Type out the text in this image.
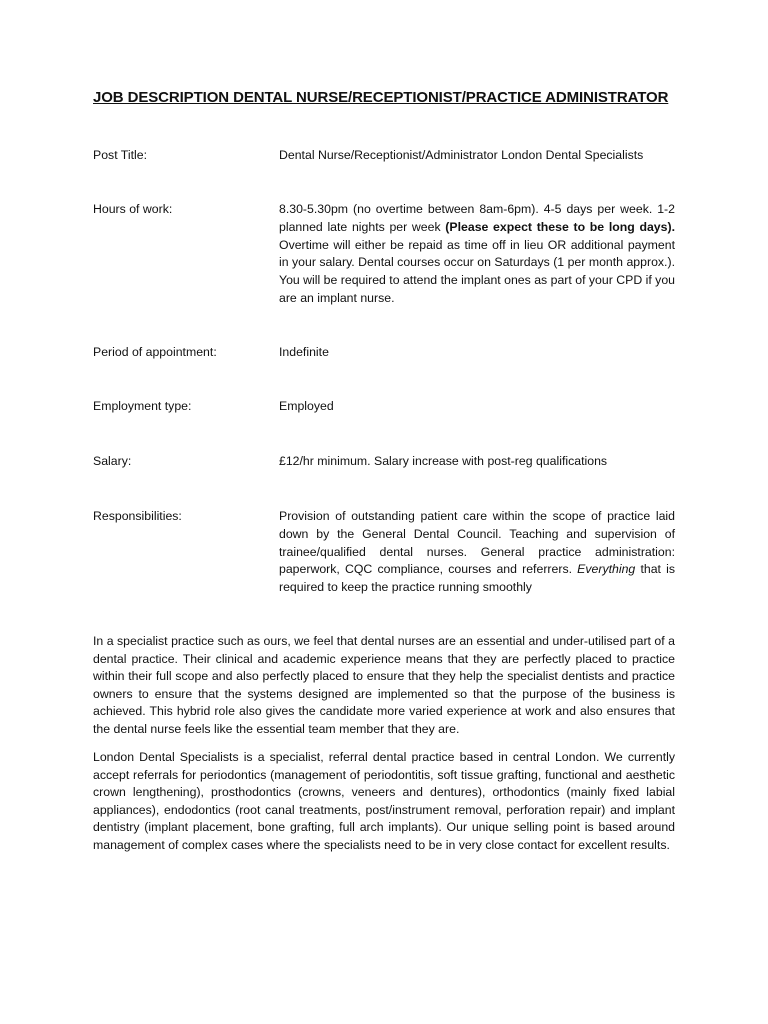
JOB DESCRIPTION DENTAL NURSE/RECEPTIONIST/PRACTICE ADMINISTRATOR
Post Title:	Dental Nurse/Receptionist/Administrator London Dental Specialists
Hours of work:	8.30-5.30pm (no overtime between 8am-6pm). 4-5 days per week. 1-2 planned late nights per week (Please expect these to be long days). Overtime will either be repaid as time off in lieu OR additional payment in your salary. Dental courses occur on Saturdays (1 per month approx.). You will be required to attend the implant ones as part of your CPD if you are an implant nurse.
Period of appointment:	Indefinite
Employment type:	Employed
Salary:	£12/hr minimum. Salary increase with post-reg qualifications
Responsibilities:	Provision of outstanding patient care within the scope of practice laid down by the General Dental Council. Teaching and supervision of trainee/qualified dental nurses. General practice administration: paperwork, CQC compliance, courses and referrers. Everything that is required to keep the practice running smoothly

In a specialist practice such as ours, we feel that dental nurses are an essential and under-utilised part of a dental practice. Their clinical and academic experience means that they are perfectly placed to practice within their full scope and also perfectly placed to ensure that they help the specialist dentists and practice owners to ensure that the systems designed are implemented so that the purpose of the business is achieved. This hybrid role also gives the candidate more varied experience at work and also ensures that the dental nurse feels like the essential team member that they are.

London Dental Specialists is a specialist, referral dental practice based in central London. We currently accept referrals for periodontics (management of periodontitis, soft tissue grafting, functional and aesthetic crown lengthening), prosthodontics (crowns, veneers and dentures), orthodontics (mainly fixed labial appliances), endodontics (root canal treatments, post/instrument removal, perforation repair) and implant dentistry (implant placement, bone grafting, full arch implants). Our unique selling point is based around management of complex cases where the specialists need to be in very close contact for excellent results.
